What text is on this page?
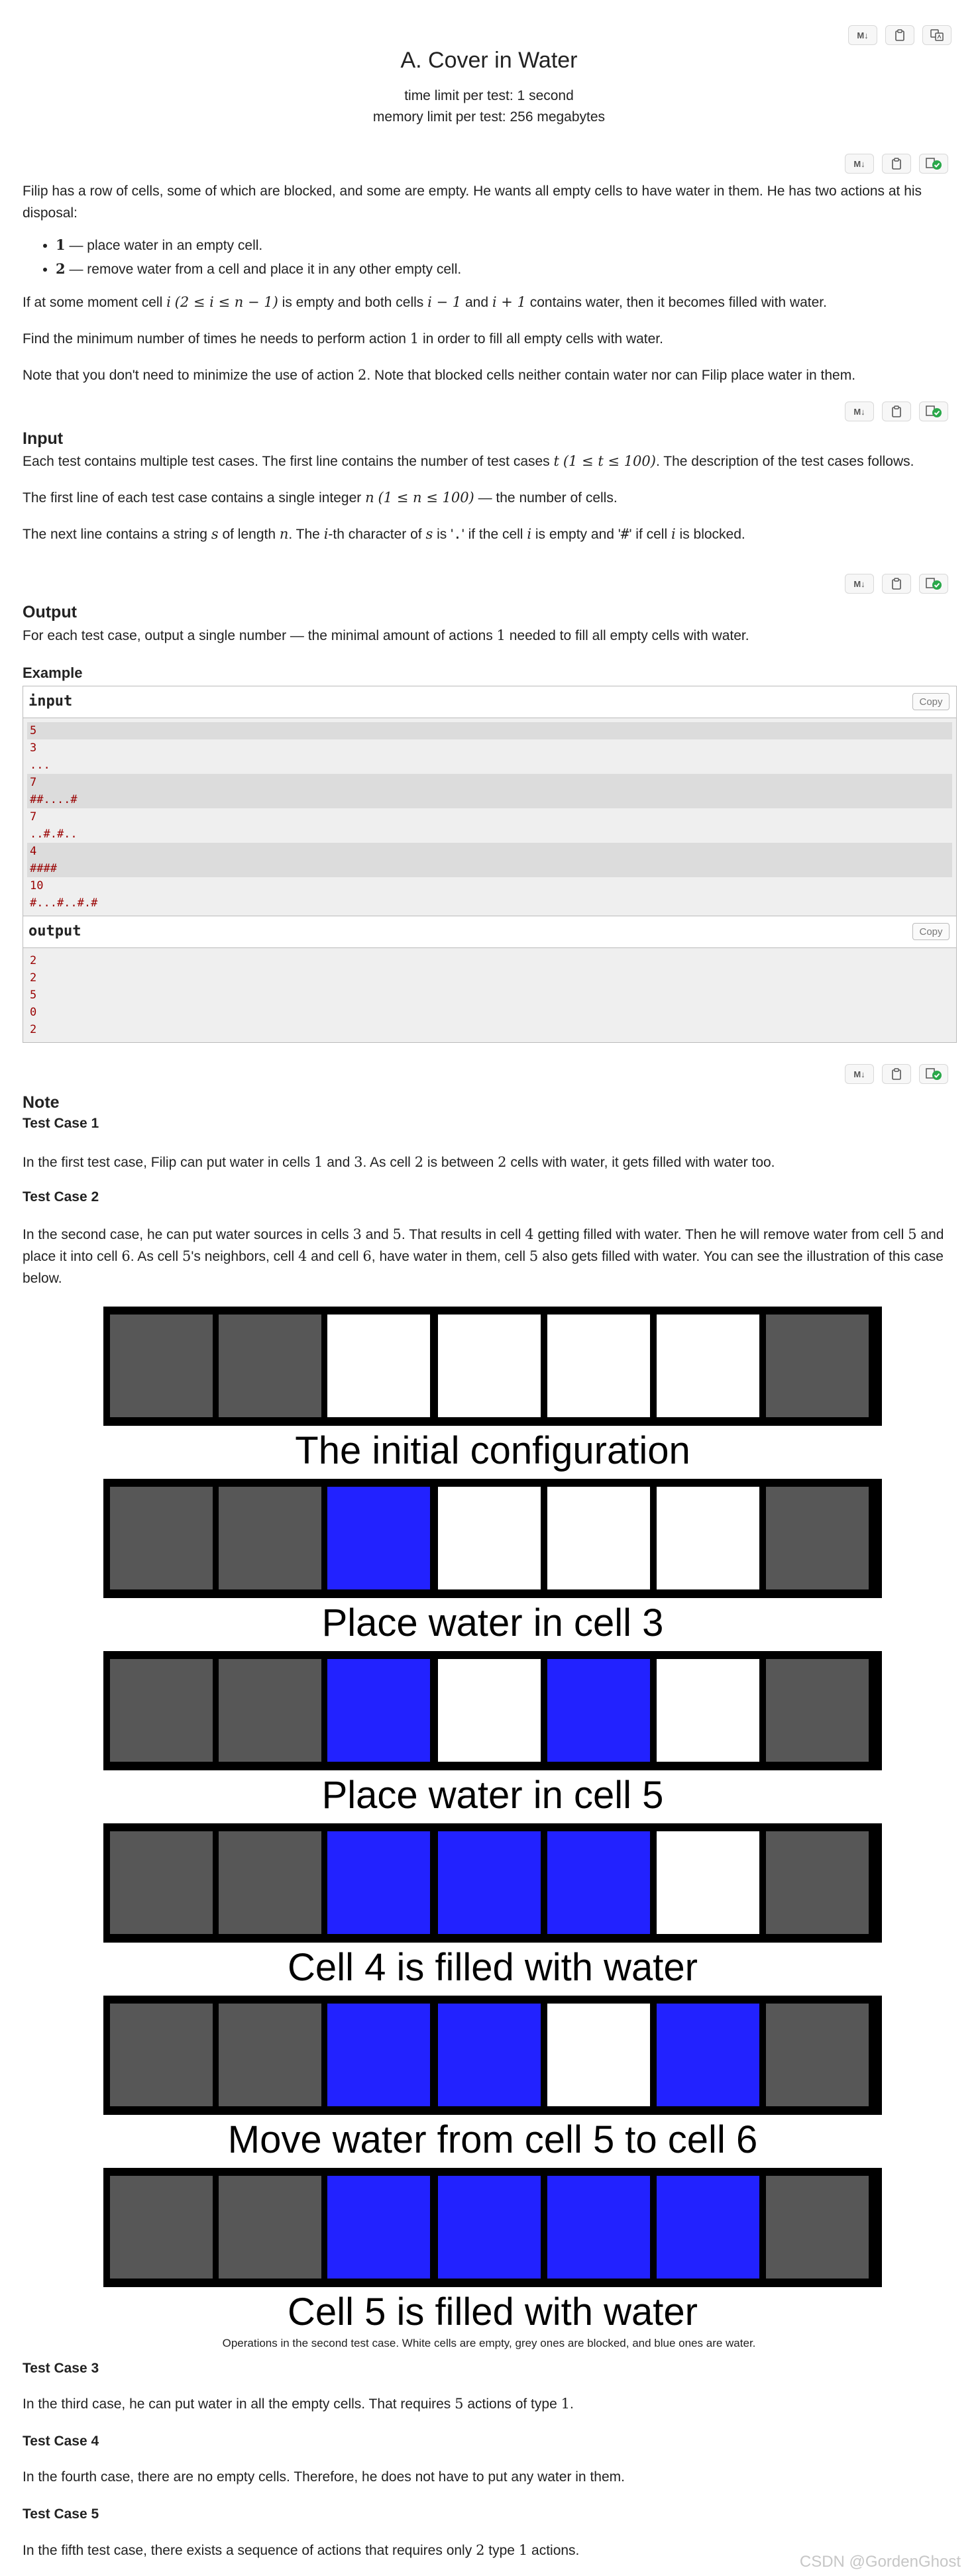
M↓
A. Cover in Water
time limit per test: 1 second
memory limit per test: 256 megabytes
M↓

Filip has a row of cells, some of which are blocked, and some are empty. He wants all empty cells to have water in them. He has two actions at his disposal:

• 1 — place water in an empty cell.
• 2 — remove water from a cell and place it in any other empty cell.

If at some moment cell i (2 ≤ i ≤ n − 1) is empty and both cells i − 1 and i + 1 contains water, then it becomes filled with water.

Find the minimum number of times he needs to perform action 1 in order to fill all empty cells with water.

Note that you don't need to minimize the use of action 2. Note that blocked cells neither contain water nor can Filip place water in them.

M↓
Input

Each test contains multiple test cases. The first line contains the number of test cases t (1 ≤ t ≤ 100). The description of the test cases follows.

The first line of each test case contains a single integer n (1 ≤ n ≤ 100) — the number of cells.

The next line contains a string s of length n. The i-th character of s is '.' if the cell i is empty and '#' if cell i is blocked.

M↓
Output

For each test case, output a single number — the minimal amount of actions 1 needed to fill all empty cells with water.

Example
input	Copy
5
3
...
7
##....#
7
..#.#..
4
####
10
#...#..#.#
output	Copy
2
2
5
0
2
M↓
Note
Test Case 1

In the first test case, Filip can put water in cells 1 and 3. As cell 2 is between 2 cells with water, it gets filled with water too.

Test Case 2

In the second case, he can put water sources in cells 3 and 5. That results in cell 4 getting filled with water. Then he will remove water from cell 5 and place it into cell 6. As cell 5's neighbors, cell 4 and cell 6, have water in them, cell 5 also gets filled with water. You can see the illustration of this case below.

The initial configuration
Place water in cell 3
Place water in cell 5
Cell 4 is filled with water
Move water from cell 5 to cell 6
Cell 5 is filled with water
Operations in the second test case. White cells are empty, grey ones are blocked, and blue ones are water.
Test Case 3

In the third case, he can put water in all the empty cells. That requires 5 actions of type 1.

Test Case 4

In the fourth case, there are no empty cells. Therefore, he does not have to put any water in them.

Test Case 5

In the fifth test case, there exists a sequence of actions that requires only 2 type 1 actions.

CSDN @GordenGhost
